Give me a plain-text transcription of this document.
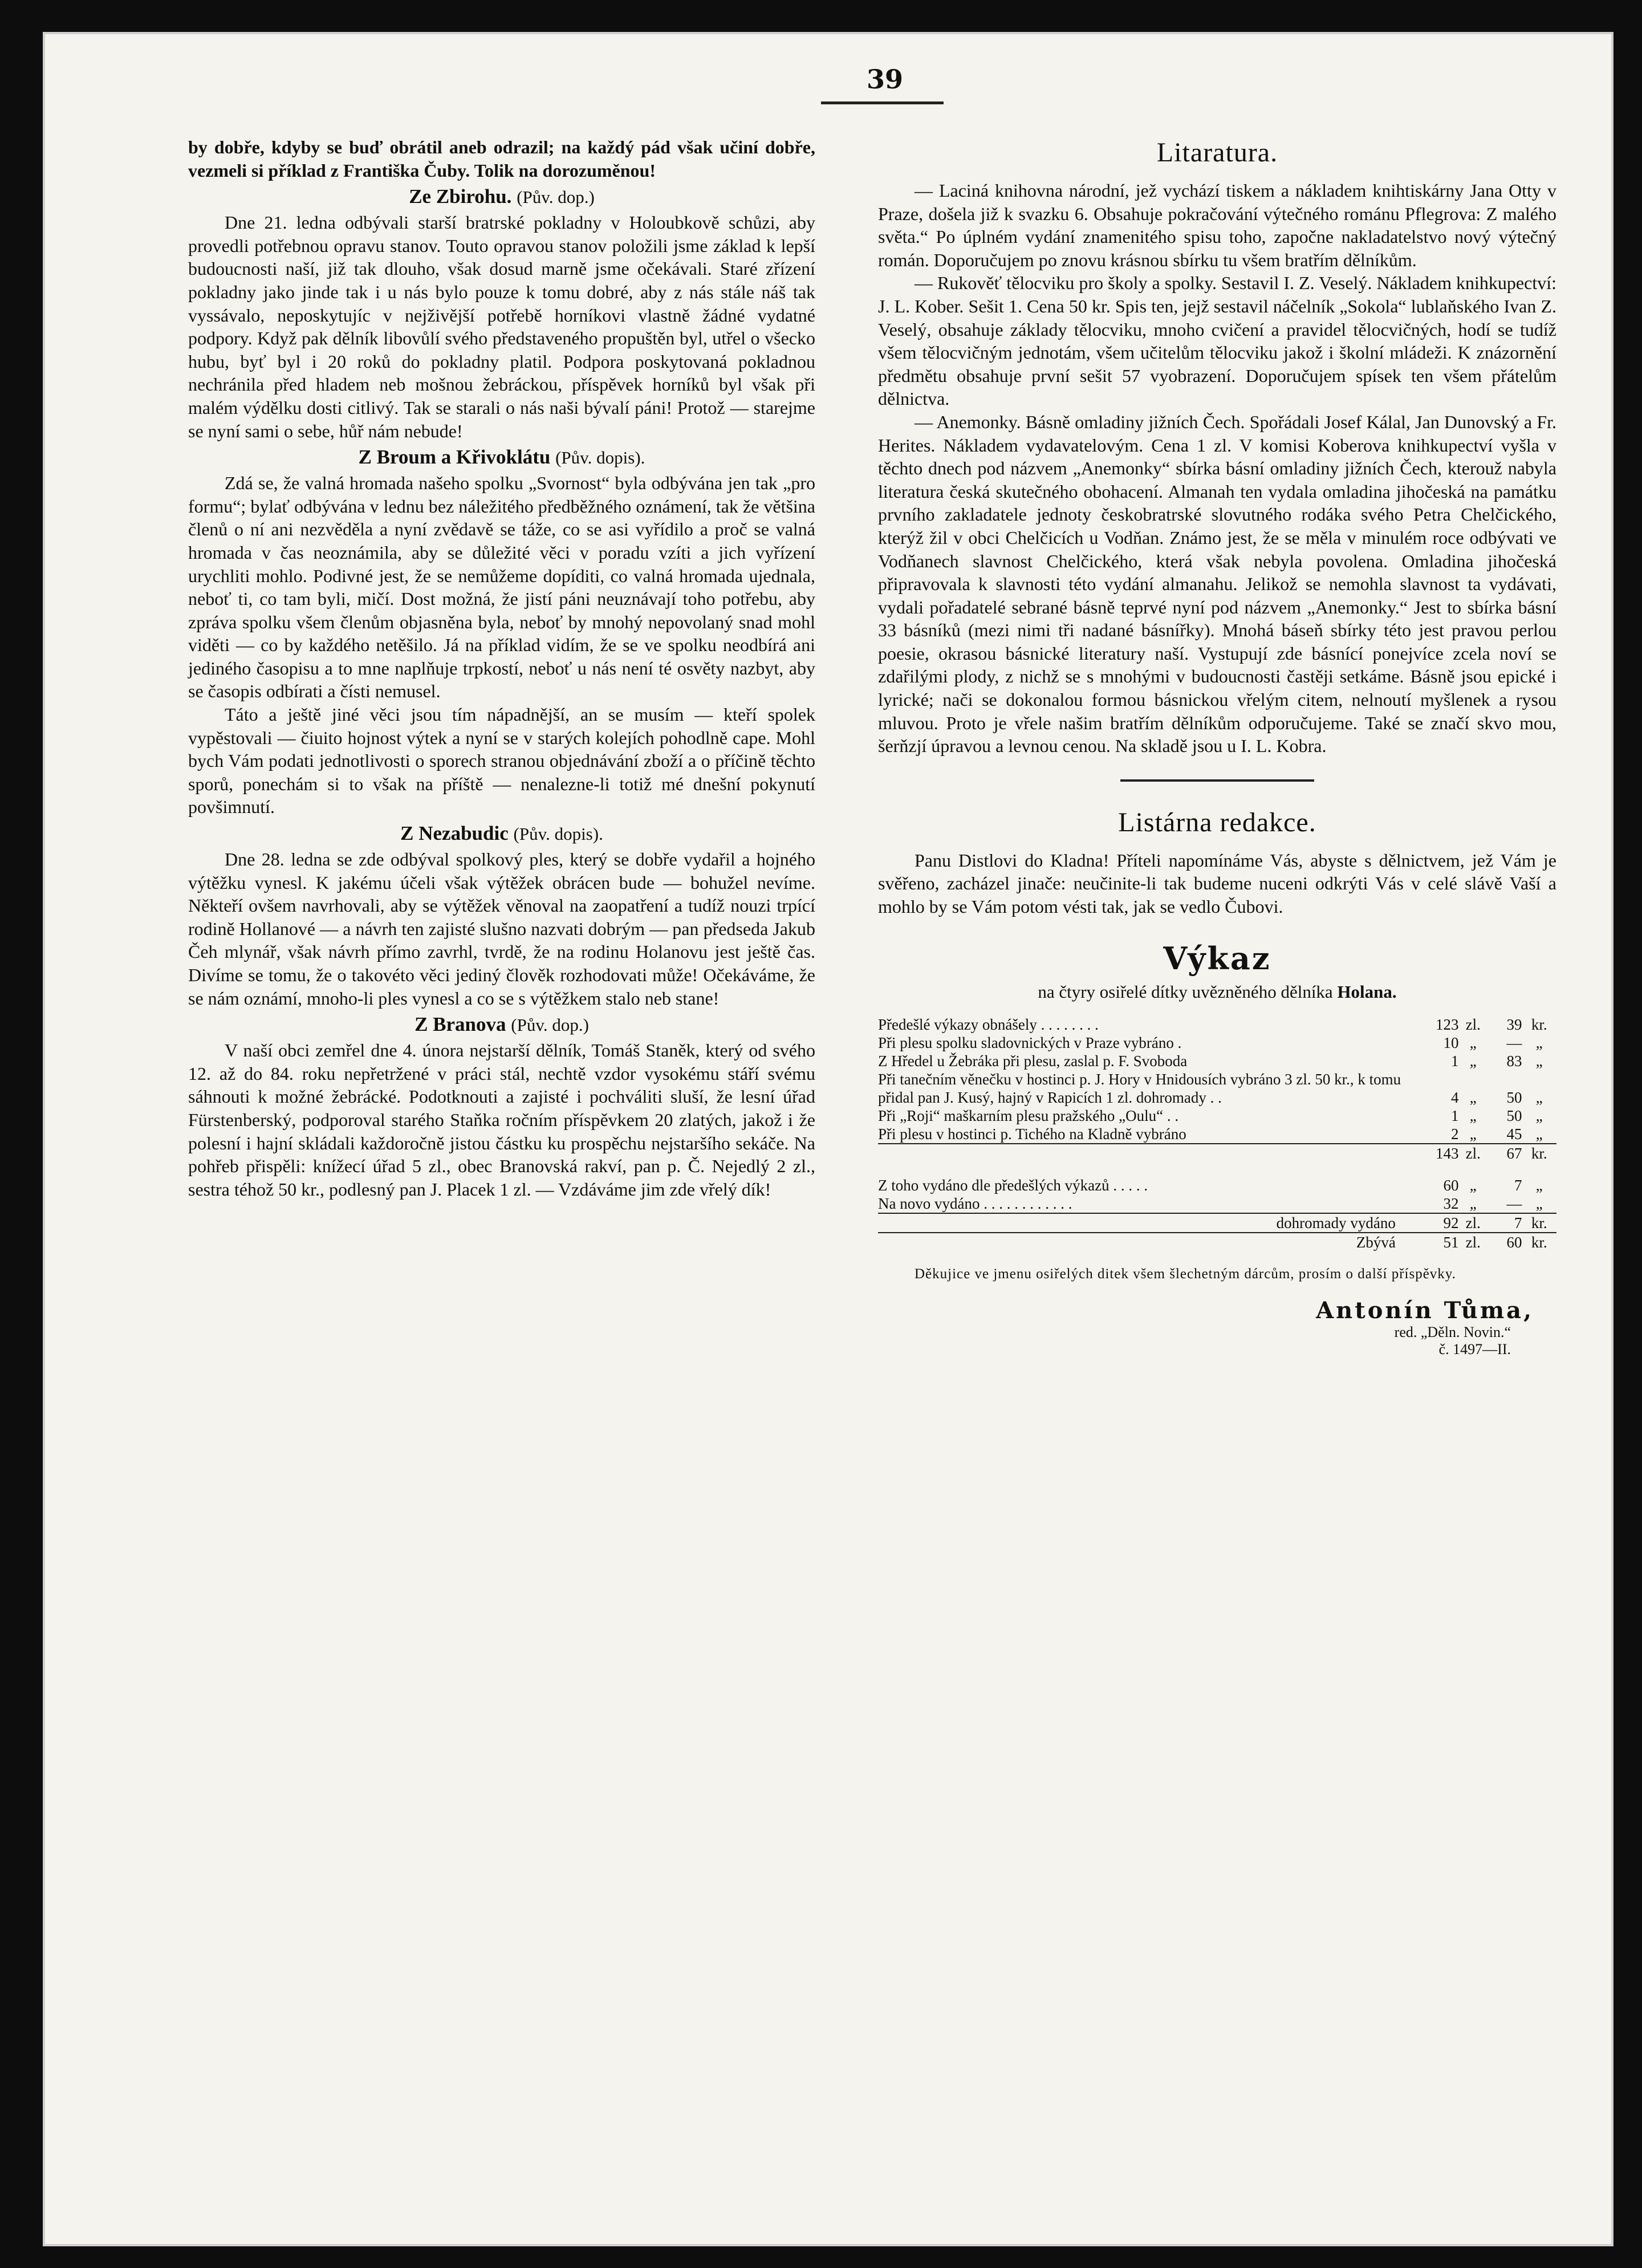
39

by dobře, kdyby se buď obrátil aneb odrazil; na každý pád však učiní dobře, vezmeli si příklad z Františka Čuby. Tolik na dorozuměnou!

Ze Zbirohu. (Pův. dop.)

Dne 21. ledna odbývali starší bratrské pokladny v Holoubkově schůzi, aby provedli potřebnou opravu stanov. Touto opravou stanov položili jsme základ k lepší budoucnosti naší, již tak dlouho, však dosud marně jsme očekávali. Staré zřízení pokladny jako jinde tak i u nás bylo pouze k tomu dobré, aby z nás stále náš tak vyssávalo, neposkytujíc v nejživější potřebě horníkovi vlastně žádné vydatné podpory. Když pak dělník libovůlí svého představeného propuštěn byl, utřel o všecko hubu, byť byl i 20 roků do pokladny platil. Podpora poskytovaná pokladnou nechránila před hladem neb mošnou žebráckou, příspěvek horníků byl však při malém výdělku dosti citlivý. Tak se starali o nás naši bývalí páni! Protož — starejme se nyní sami o sebe, hůř nám nebude!

Z Broum a Křivoklátu (Pův. dopis).

Zdá se, že valná hromada našeho spolku „Svornost“ byla odbývána jen tak „pro formu“; bylať odbývána v lednu bez náležitého předběžného oznámení, tak že většina členů o ní ani nezvěděla a nyní zvědavě se táže, co se asi vyřídilo a proč se valná hromada v čas neoznámila, aby se důležité věci v poradu vzíti a jich vyřízení urychliti mohlo. Podivné jest, že se nemůžeme dopíditi, co valná hromada ujednala, neboť ti, co tam byli, mičí. Dost možná, že jistí páni neuznávají toho potřebu, aby zpráva spolku všem členům objasněna byla, neboť by mnohý nepovolaný snad mohl viděti — co by každého netěšilo. Já na příklad vidím, že se ve spolku neodbírá ani jediného časopisu a to mne naplňuje trpkostí, neboť u nás není té osvěty nazbyt, aby se časopis odbírati a čísti nemusel.

Táto a ještě jiné věci jsou tím nápadnější, an se musím — kteří spolek vypěstovali — čiuito hojnost výtek a nyní se v starých kolejích pohodlně cape. Mohl bych Vám podati jednotlivosti o sporech stranou objednávání zboží a o příčině těchto sporů, ponechám si to však na příště — nenalezne-li totiž mé dnešní pokynutí povšimnutí.

Z Nezabudic (Pův. dopis).

Dne 28. ledna se zde odbýval spolkový ples, který se dobře vydařil a hojného výtěžku vynesl. K jakému účeli však výtěžek obrácen bude — bohužel nevíme. Někteří ovšem navrhovali, aby se výtěžek věnoval na zaopatření a tudíž nouzi trpící rodině Hollanové — a návrh ten zajisté slušno nazvati dobrým — pan předseda Jakub Čeh mlynář, však návrh přímo zavrhl, tvrdě, že na rodinu Holanovu jest ještě čas. Divíme se tomu, že o takovéto věci jediný člověk rozhodovati může! Očekáváme, že se nám oznámí, mnoho-li ples vynesl a co se s výtěžkem stalo neb stane!

Z Branova (Pův. dop.)

V naší obci zemřel dne 4. února nejstarší dělník, Tomáš Staněk, který od svého 12. až do 84. roku nepřetržené v práci stál, nechtě vzdor vysokému stáří svému sáhnouti k možné žebrácké. Podotknouti a zajisté i pochváliti sluší, že lesní úřad Fürstenberský, podporoval starého Staňka ročním příspěvkem 20 zlatých, jakož i že polesní i hajní skládali každoročně jistou částku ku prospěchu nejstaršího sekáče. Na pohřeb přispěli: knížecí úřad 5 zl., obec Branovská rakví, pan p. Č. Nejedlý 2 zl., sestra téhož 50 kr., podlesný pan J. Placek 1 zl. — Vzdáváme jim zde vřelý dík!

Litaratura.

— Laciná knihovna národní, jež vychází tiskem a nákladem knihtiskárny Jana Otty v Praze, došela již k svazku 6. Obsahuje pokračování výtečného románu Pflegrova: Z malého světa.“ Po úplném vydání znamenitého spisu toho, započne nakladatelstvo nový výtečný román. Doporučujem po znovu krásnou sbírku tu všem bratřím dělníkům.

— Rukověť tělocviku pro školy a spolky. Sestavil I. Z. Veselý. Nákladem knihkupectví: J. L. Kober. Sešit 1. Cena 50 kr. Spis ten, jejž sestavil náčelník „Sokola“ lublaňského Ivan Z. Veselý, obsahuje základy tělocviku, mnoho cvičení a pravidel tělocvičných, hodí se tudíž všem tělocvičným jednotám, všem učitelům tělocviku jakož i školní mládeži. K znázornění předmětu obsahuje první sešit 57 vyobrazení. Doporučujem spísek ten všem přátelům dělnictva.

— Anemonky. Básně omladiny jižních Čech. Spořádali Josef Kálal, Jan Dunovský a Fr. Herites. Nákladem vydavatelovým. Cena 1 zl. V komisi Koberova knihkupectví vyšla v těchto dnech pod názvem „Anemonky“ sbírka básní omladiny jižních Čech, kterouž nabyla literatura česká skutečného obohacení. Almanah ten vydala omladina jihočeská na památku prvního zakladatele jednoty českobratrské slovutného rodáka svého Petra Chelčického, kterýž žil v obci Chelčicích u Vodňan. Známo jest, že se měla v minulém roce odbývati ve Vodňanech slavnost Chelčického, která však nebyla povolena. Omladina jihočeská připravovala k slavnosti této vydání almanahu. Jelikož se nemohla slavnost ta vydávati, vydali pořadatelé sebrané básně teprvé nyní pod názvem „Anemonky.“ Jest to sbírka básní 33 básníků (mezi nimi tři nadané básnířky). Mnohá báseň sbírky této jest pravou perlou poesie, okrasou básnické literatury naší. Vystupují zde básnící ponejvíce zcela noví se zdařilými plody, z nichž se s mnohými v budoucnosti častěji setkáme. Básně jsou epické i lyrické; nači se dokonalou formou básnickou vřelým citem, nelnoutí myšlenek a rysou mluvou. Proto je vřele našim bratřím dělníkům odporučujeme. Také se značí skvo mou, šerňzjí úpravou a levnou cenou. Na skladě jsou u I. L. Kobra.

Listárna redakce.

Panu Distlovi do Kladna! Příteli napomínáme Vás, abyste s dělnictvem, jež Vám je svěřeno, zacházel jinače: neučinite-li tak budeme nuceni odkrýti Vás v celé slávě Vaší a mohlo by se Vám potom vésti tak, jak se vedlo Čubovi.

Výkaz
na čtyry osiřelé dítky uvězněného dělníka Holana.
Předešlé výkazy obnášely . . . . . . . .	123	zl.	39	kr.
Při plesu spolku sladovnických v Praze vybráno .	10	„	—	„
Z Hředel u Žebráka při plesu, zaslal p. F. Svoboda	1	„	83	„
Při tanečním věnečku v hostinci p. J. Hory v Hnidousích vybráno 3 zl. 50 kr., k tomu přidal pan J. Kusý, hajný v Rapicích 1 zl. dohromady . .	4	„	50	„
Při „Roji“ maškarním plesu pražského „Oulu“ . .	1	„	50	„
Při plesu v hostinci p. Tichého na Kladně vybráno	2	„	45	„
	143	zl.	67	kr.

Z toho vydáno dle předešlých výkazů . . . . .	60	„	7	„
Na novo vydáno . . . . . . . . . . . .	32	„	—	„
dohromady vydáno	92	zl.	7	kr.
Zbývá	51	zl.	60	kr.

Děkujice ve jmenu osiřelých ditek všem šlechetným dárcům, prosím o další příspěvky.

Antonín Tůma,
red. „Děln. Novin.“
č. 1497—II.
